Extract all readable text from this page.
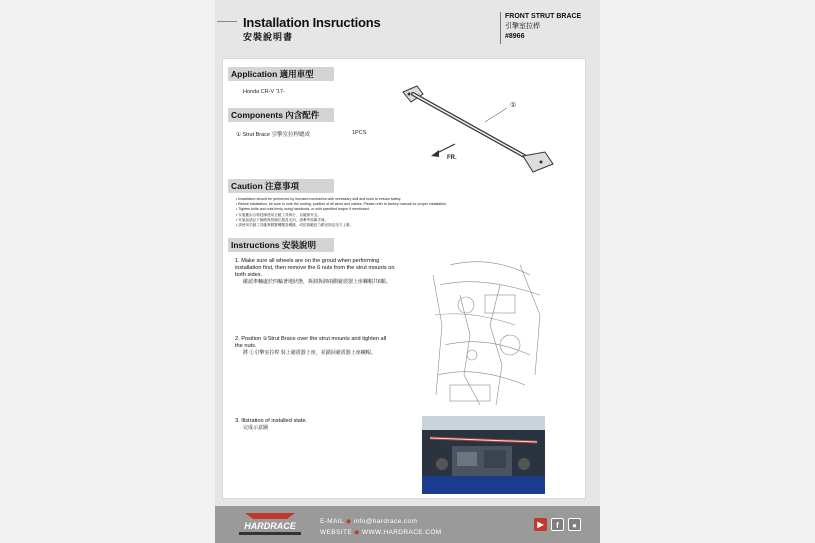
Installation Insructions
安裝說明書
FRONT STRUT BRACE
引擎室拉桿
#8966
Application 適用車型
Honda CR-V '17-
Components 內含配件
① Strut Brace 引擎室拉桿總成	1PCS
①
FR.
Caution 注意事項
• Installation should be performed by licensed mechanics with necessary skill and tools to ensure safety.
• Before installation, be sure to note the routing, position of all wires and cables. Please refer to factory manual for proper installation.
• Tighten bolts and nuts firmly using handtools, or with specified torque if mentioned.
• 安裝應由合格技師使用正確工具執行，以確保安全。
• 安裝前請記下線路與管線位置及走向，請參考原廠手冊。
• 請使用手動工具確實鎖緊螺帽及螺絲，或依規範扭力鎖至指定扭力上緊。
Instructions 安裝說明
1. Make sure all wheels are on the groud when performing installation first, then remove the 6 nuts from the strut mounts on both sides.
確認車輛處於四輪著地狀態，拆卸拆卸兩側避震器上座螺帽共6顆。
2. Position ①Strut Brace over the strut mounts and tighten all the nuts.
將 ①引擎室拉桿 裝上避震器上座，並鎖回避震器上座螺帽。
3. Illstration of installed state.
完成示意圖
HARDRACE	E-MAIL ◆ info@hardrace.com
WEBSITE ◆ WWW.HARDRACE.COM
▶	f	●
